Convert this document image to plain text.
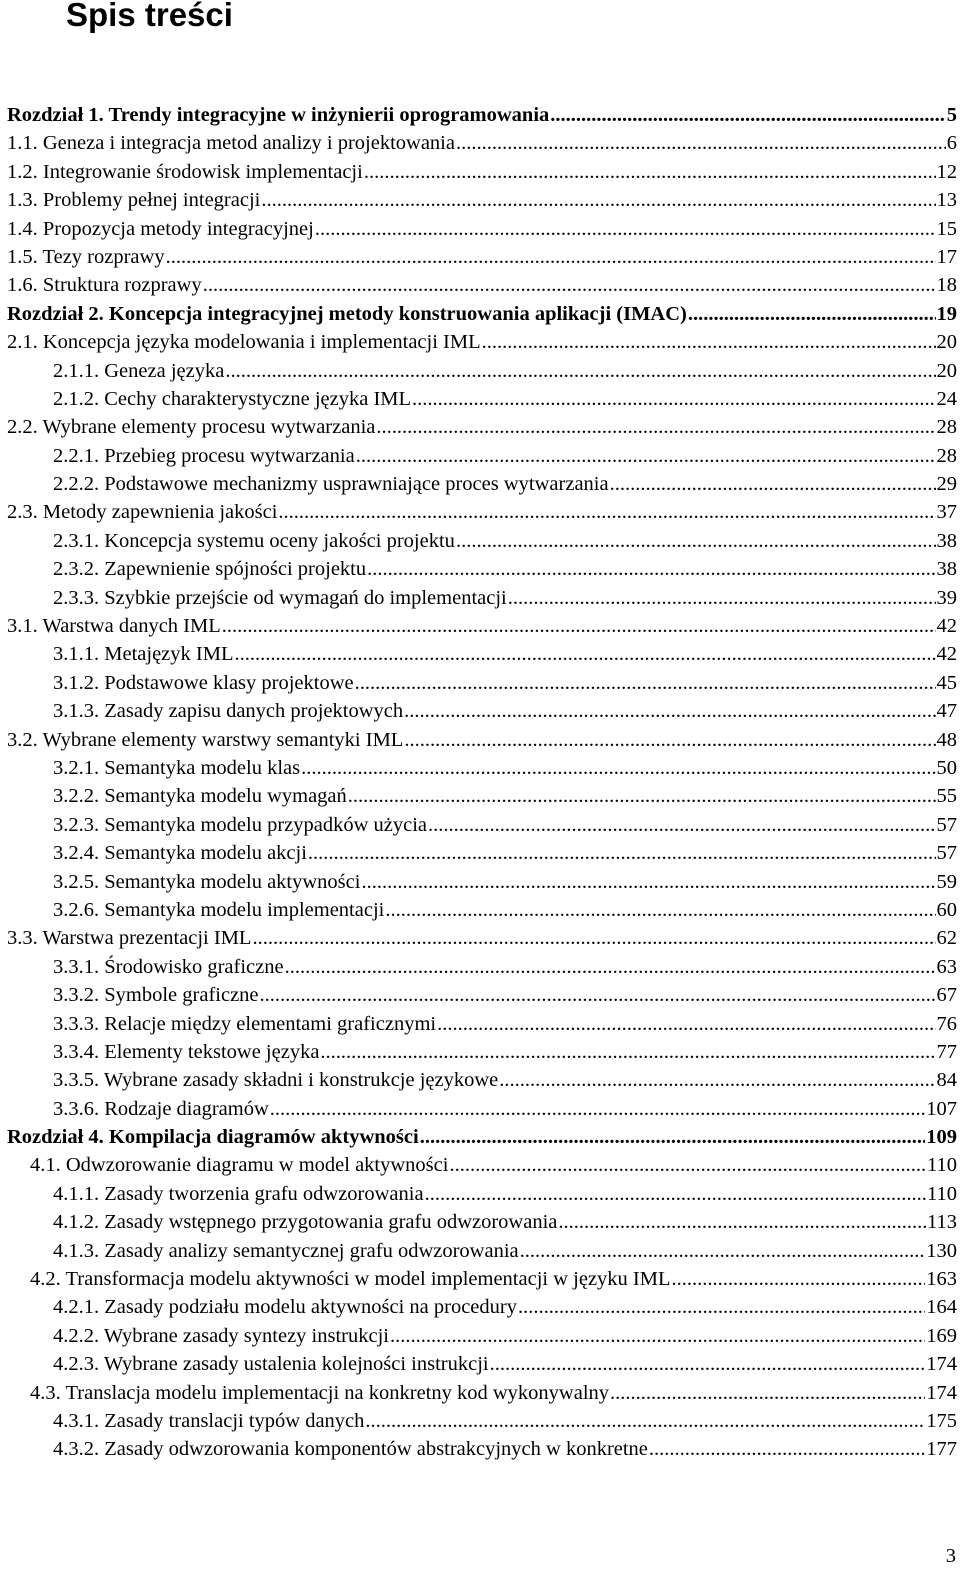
Spis treści
Rozdział 1. Trendy integracyjne w inżynierii oprogramowania .....	5
1.1. Geneza i integracja metod analizy i projektowania .....	6
1.2. Integrowanie środowisk implementacji .....	12
1.3. Problemy pełnej integracji .....	13
1.4. Propozycja metody integracyjnej .....	15
1.5. Tezy rozprawy .....	17
1.6. Struktura rozprawy .....	18
Rozdział 2. Koncepcja integracyjnej metody konstruowania aplikacji (IMAC) .....	19
2.1. Koncepcja języka modelowania i implementacji IML .....	20
2.1.1. Geneza języka .....	20
2.1.2. Cechy charakterystyczne języka IML .....	24
2.2. Wybrane elementy procesu wytwarzania .....	28
2.2.1. Przebieg procesu wytwarzania .....	28
2.2.2. Podstawowe mechanizmy usprawniające proces wytwarzania .....	29
2.3. Metody zapewnienia jakości .....	37
2.3.1. Koncepcja systemu oceny jakości projektu .....	38
2.3.2. Zapewnienie spójności projektu .....	38
2.3.3. Szybkie przejście od wymagań do implementacji .....	39
3.1. Warstwa danych IML .....	42
3.1.1. Metajęzyk IML .....	42
3.1.2. Podstawowe klasy projektowe .....	45
3.1.3. Zasady zapisu danych projektowych .....	47
3.2. Wybrane elementy warstwy semantyki IML .....	48
3.2.1. Semantyka modelu klas .....	50
3.2.2. Semantyka modelu wymagań .....	55
3.2.3. Semantyka modelu przypadków użycia .....	57
3.2.4. Semantyka modelu akcji .....	57
3.2.5. Semantyka modelu aktywności .....	59
3.2.6. Semantyka modelu implementacji .....	60
3.3. Warstwa prezentacji IML .....	62
3.3.1. Środowisko graficzne .....	63
3.3.2. Symbole graficzne .....	67
3.3.3. Relacje między elementami graficznymi .....	76
3.3.4. Elementy tekstowe języka .....	77
3.3.5. Wybrane zasady składni i konstrukcje językowe .....	84
3.3.6. Rodzaje diagramów .....	107
Rozdział 4. Kompilacja diagramów aktywności .....	109
4.1. Odwzorowanie diagramu w model aktywności .....	110
4.1.1. Zasady tworzenia grafu odwzorowania .....	110
4.1.2. Zasady wstępnego przygotowania grafu odwzorowania .....	113
4.1.3. Zasady analizy semantycznej grafu odwzorowania .....	130
4.2. Transformacja modelu aktywności w model implementacji w języku IML .....	163
4.2.1. Zasady podziału modelu aktywności na procedury .....	164
4.2.2. Wybrane zasady syntezy instrukcji .....	169
4.2.3. Wybrane zasady ustalenia kolejności instrukcji .....	174
4.3. Translacja modelu implementacji na konkretny kod wykonywalny .....	174
4.3.1. Zasady translacji typów danych .....	175
4.3.2. Zasady odwzorowania komponentów abstrakcyjnych w konkretne .....	177
3
